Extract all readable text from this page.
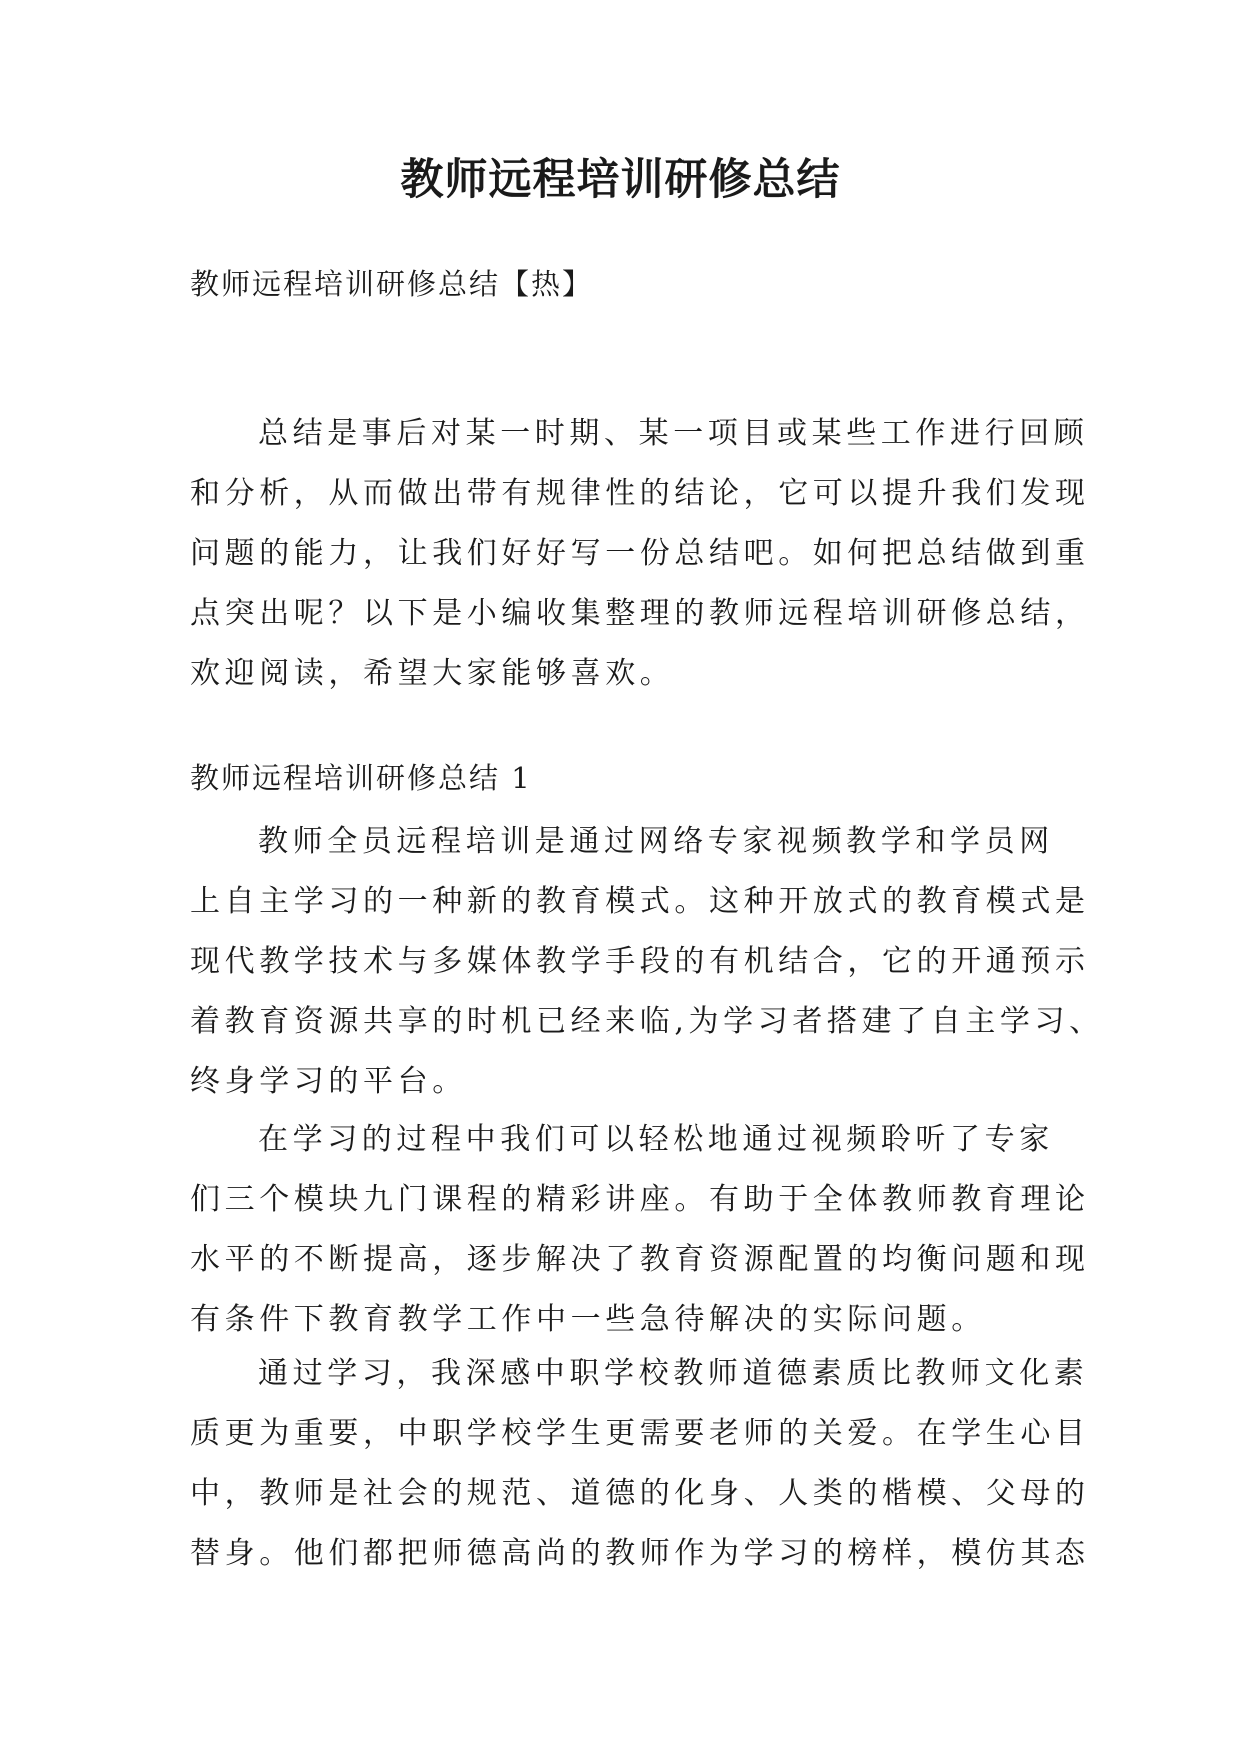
教师远程培训研修总结

教师远程培训研修总结【热】

总结是事后对某一时期、某一项目或某些工作进行回顾
和分析，从而做出带有规律性的结论，它可以提升我们发现
问题的能力，让我们好好写一份总结吧。如何把总结做到重
点突出呢？以下是小编收集整理的教师远程培训研修总结，
欢迎阅读，希望大家能够喜欢。

教师远程培训研修总结 1

教师全员远程培训是通过网络专家视频教学和学员网
上自主学习的一种新的教育模式。这种开放式的教育模式是
现代教学技术与多媒体教学手段的有机结合，它的开通预示
着教育资源共享的时机已经来临,为学习者搭建了自主学习、
终身学习的平台。
在学习的过程中我们可以轻松地通过视频聆听了专家
们三个模块九门课程的精彩讲座。有助于全体教师教育理论
水平的不断提高，逐步解决了教育资源配置的均衡问题和现
有条件下教育教学工作中一些急待解决的实际问题。
通过学习，我深感中职学校教师道德素质比教师文化素
质更为重要，中职学校学生更需要老师的关爱。在学生心目
中，教师是社会的规范、道德的化身、人类的楷模、父母的
替身。他们都把师德高尚的教师作为学习的榜样，模仿其态
